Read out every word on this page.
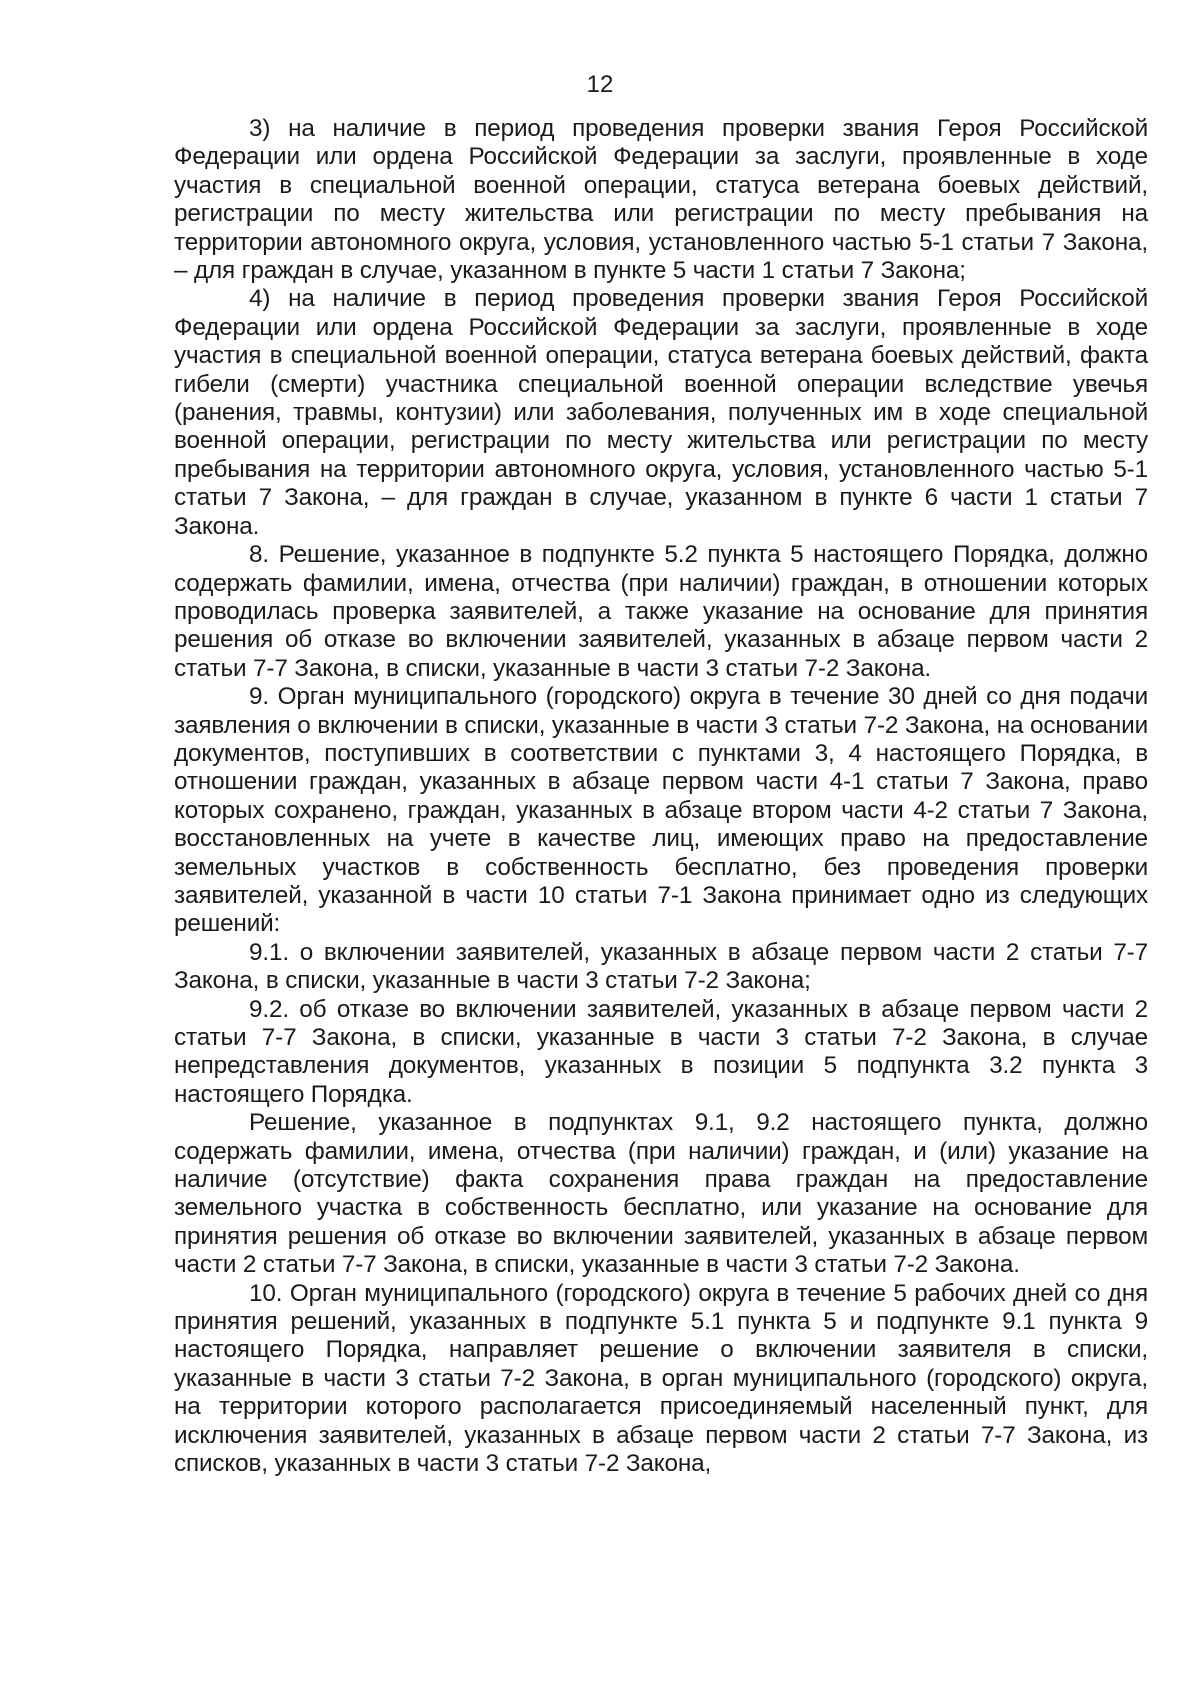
12

3) на наличие в период проведения проверки звания Героя Российской Федерации или ордена Российской Федерации за заслуги, проявленные в ходе участия в специальной военной операции, статуса ветерана боевых действий, регистрации по месту жительства или регистрации по месту пребывания на территории автономного округа, условия, установленного частью 5-1 статьи 7 Закона, – для граждан в случае, указанном в пункте 5 части 1 статьи 7 Закона;

4) на наличие в период проведения проверки звания Героя Российской Федерации или ордена Российской Федерации за заслуги, проявленные в ходе участия в специальной военной операции, статуса ветерана боевых действий, факта гибели (смерти) участника специальной военной операции вследствие увечья (ранения, травмы, контузии) или заболевания, полученных им в ходе специальной военной операции, регистрации по месту жительства или регистрации по месту пребывания на территории автономного округа, условия, установленного частью 5-1 статьи 7 Закона, – для граждан в случае, указанном в пункте 6 части 1 статьи 7 Закона.

8. Решение, указанное в подпункте 5.2 пункта 5 настоящего Порядка, должно содержать фамилии, имена, отчества (при наличии) граждан, в отношении которых проводилась проверка заявителей, а также указание на основание для принятия решения об отказе во включении заявителей, указанных в абзаце первом части 2 статьи 7-7 Закона, в списки, указанные в части 3 статьи 7-2 Закона.

9. Орган муниципального (городского) округа в течение 30 дней со дня подачи заявления о включении в списки, указанные в части 3 статьи 7-2 Закона, на основании документов, поступивших в соответствии с пунктами 3, 4 настоящего Порядка, в отношении граждан, указанных в абзаце первом части 4-1 статьи 7 Закона, право которых сохранено, граждан, указанных в абзаце втором части 4-2 статьи 7 Закона, восстановленных на учете в качестве лиц, имеющих право на предоставление земельных участков в собственность бесплатно, без проведения проверки заявителей, указанной в части 10 статьи 7-1 Закона принимает одно из следующих решений:

9.1. о включении заявителей, указанных в абзаце первом части 2 статьи 7-7 Закона, в списки, указанные в части 3 статьи 7-2 Закона;

9.2. об отказе во включении заявителей, указанных в абзаце первом части 2 статьи 7-7 Закона, в списки, указанные в части 3 статьи 7-2 Закона, в случае непредставления документов, указанных в позиции 5 подпункта 3.2 пункта 3 настоящего Порядка.

Решение, указанное в подпунктах 9.1, 9.2 настоящего пункта, должно содержать фамилии, имена, отчества (при наличии) граждан, и (или) указание на наличие (отсутствие) факта сохранения права граждан на предоставление земельного участка в собственность бесплатно, или указание на основание для принятия решения об отказе во включении заявителей, указанных в абзаце первом части 2 статьи 7-7 Закона, в списки, указанные в части 3 статьи 7-2 Закона.

10. Орган муниципального (городского) округа в течение 5 рабочих дней со дня принятия решений, указанных в подпункте 5.1 пункта 5 и подпункте 9.1 пункта 9 настоящего Порядка, направляет решение о включении заявителя в списки, указанные в части 3 статьи 7-2 Закона, в орган муниципального (городского) округа, на территории которого располагается присоединяемый населенный пункт, для исключения заявителей, указанных в абзаце первом части 2 статьи 7-7 Закона, из списков, указанных в части 3 статьи 7-2 Закона,
